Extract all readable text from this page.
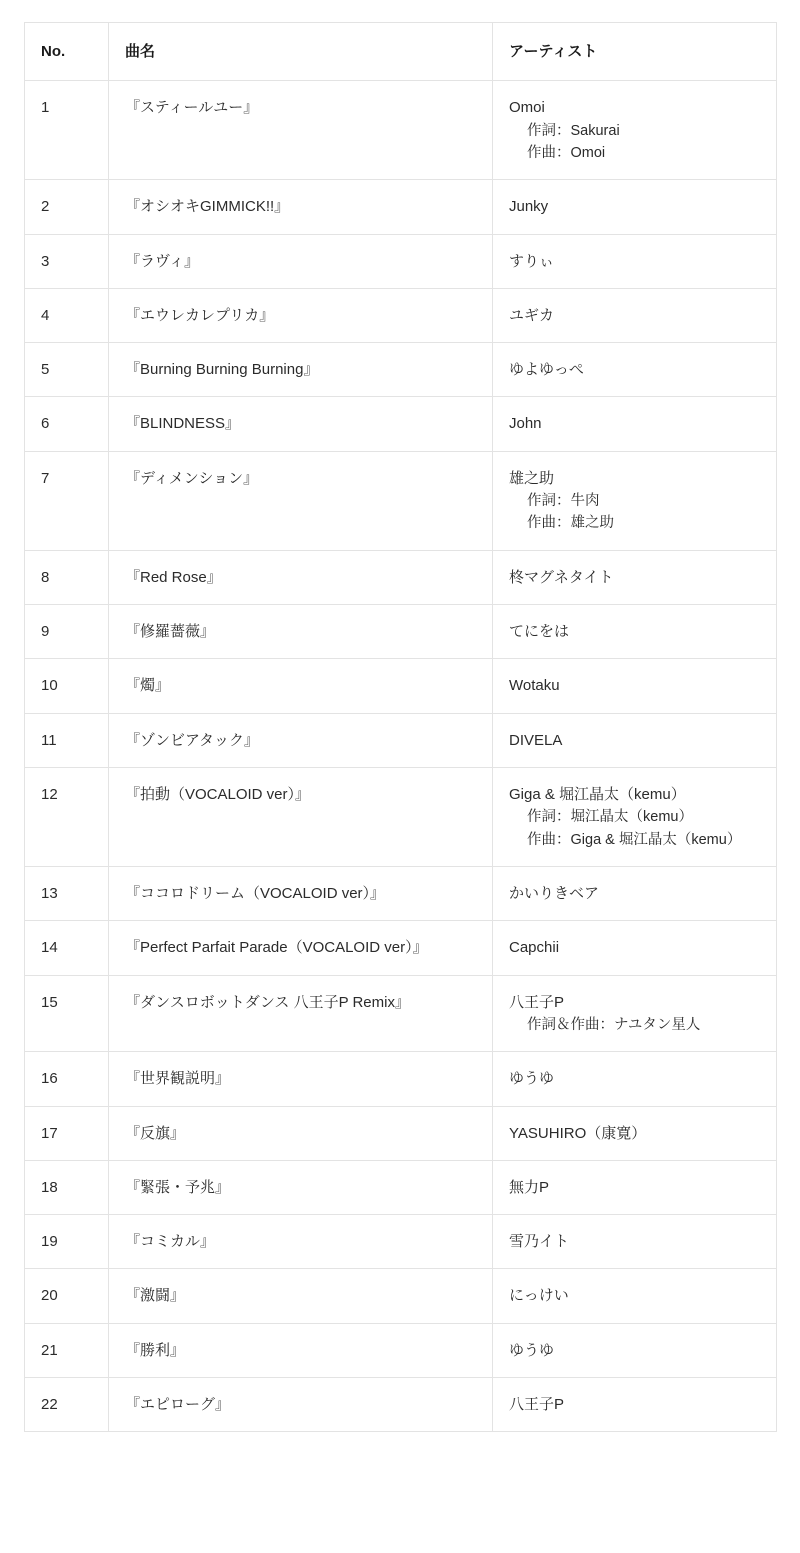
No.	曲名	アーティスト
1	『スティールユー』	Omoi
作詞：Sakurai
作曲：Omoi

2	『オシオキGIMMICK!!』	Junky

3	『ラヴィ』	すりぃ

4	『エウレカレプリカ』	ユギカ

5	『Burning Burning Burning』	ゆよゆっぺ

6	『BLINDNESS』	John

7	『ディメンション』	雄之助
作詞：牛肉
作曲：雄之助

8	『Red Rose』	柊マグネタイト

9	『修羅薔薇』	てにをは

10	『燭』	Wotaku

11	『ゾンビアタック』	DIVELA

12	『拍動（VOCALOID ver）』	Giga & 堀江晶太（kemu）
作詞：堀江晶太（kemu）
作曲：Giga & 堀江晶太（kemu）

13	『ココロドリーム（VOCALOID ver）』	かいりきベア

14	『Perfect Parfait Parade（VOCALOID ver）』	Capchii

15	『ダンスロボットダンス 八王子P Remix』	八王子P
作詞＆作曲：ナユタン星人

16	『世界観説明』	ゆうゆ

17	『反旗』	YASUHIRO（康寛）

18	『緊張・予兆』	無力P

19	『コミカル』	雪乃イト

20	『激闘』	にっけい

21	『勝利』	ゆうゆ

22	『エピローグ』	八王子P
